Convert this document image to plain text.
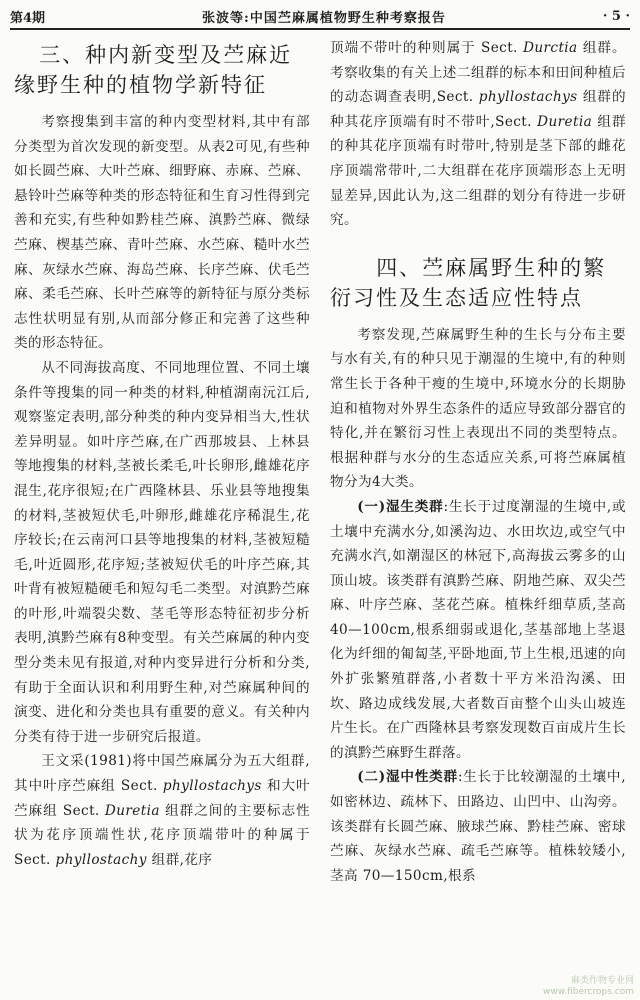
第4期	张波等:中国苎麻属植物野生种考察报告	· 5 ·
三、种内新变型及苎麻近缘野生种的植物学新特征

考察搜集到丰富的种内变型材料,其中有部分类型为首次发现的新变型。从表2可见,有些种如长圆苎麻、大叶苎麻、细野麻、赤麻、苎麻、悬铃叶苎麻等种类的形态特征和生育习性得到完善和充实,有些种如黔桂苎麻、滇黔苎麻、微绿苎麻、楔基苎麻、青叶苎麻、水苎麻、糙叶水苎麻、灰绿水苎麻、海岛苎麻、长序苎麻、伏毛苎麻、柔毛苎麻、长叶苎麻等的新特征与原分类标志性状明显有别,从而部分修正和完善了这些种类的形态特征。

从不同海拔高度、不同地理位置、不同土壤条件等搜集的同一种类的材料,种植湖南沅江后,观察鉴定表明,部分种类的种内变异相当大,性状差异明显。如叶序苎麻,在广西那坡县、上林县等地搜集的材料,茎被长柔毛,叶长卵形,雌雄花序混生,花序很短;在广西隆林县、乐业县等地搜集的材料,茎被短伏毛,叶卵形,雌雄花序稀混生,花序较长;在云南河口县等地搜集的材料,茎被短糙毛,叶近圆形,花序短;茎被短伏毛的叶序苎麻,其叶背有被短糙硬毛和短勾毛二类型。对滇黔苎麻的叶形,叶端裂尖数、茎毛等形态特征初步分析表明,滇黔苎麻有8种变型。有关苎麻属的种内变型分类未见有报道,对种内变异进行分析和分类,有助于全面认识和利用野生种,对苎麻属种间的演变、进化和分类也具有重要的意义。有关种内分类有待于进一步研究后报道。

王文采(1981)将中国苎麻属分为五大组群,其中叶序苎麻组 Sect. phyllostachys 和大叶苎麻组 Sect. Duretia 组群之间的主要标志性状为花序顶端性状,花序顶端带叶的种属于 Sect. phyllostachy 组群,花序

顶端不带叶的种则属于 Sect. Durctia 组群。考察收集的有关上述二组群的标本和田间种植后的动态调查表明,Sect. phyllostachys 组群的种其花序顶端有时不带叶,Sect. Duretia 组群的种其花序顶端有时带叶,特别是茎下部的雌花序顶端常带叶,二大组群在花序顶端形态上无明显差异,因此认为,这二组群的划分有待进一步研究。

四、苎麻属野生种的繁衍习性及生态适应性特点

考察发现,苎麻属野生种的生长与分布主要与水有关,有的种只见于潮湿的生境中,有的种则常生长于各种干瘦的生境中,环境水分的长期胁迫和植物对外界生态条件的适应导致部分器官的特化,并在繁衍习性上表现出不同的类型特点。根据种群与水分的生态适应关系,可将苎麻属植物分为4大类。

(一)湿生类群:生长于过度潮湿的生境中,或土壤中充满水分,如溪沟边、水田坎边,或空气中充满水汽,如潮湿区的林冠下,高海拔云雾多的山顶山坡。该类群有滇黔苎麻、阴地苎麻、双尖苎麻、叶序苎麻、茎花苎麻。植株纤细草质,茎高 40—100cm,根系细弱或退化,茎基部地上茎退化为纤细的匍匐茎,平卧地面,节上生根,迅速的向外扩张繁殖群落,小者数十平方米沿沟溪、田坎、路边成线发展,大者数百亩整个山头山坡连片生长。在广西隆林县考察发现数百亩成片生长的滇黔苎麻野生群落。

(二)湿中性类群:生长于比较潮湿的土壤中,如密林边、疏林下、田路边、山凹中、山沟旁。该类群有长圆苎麻、腋球苎麻、黔桂苎麻、密球苎麻、灰绿水苎麻、疏毛苎麻等。植株较矮小,茎高 70—150cm,根系

麻类作物专业网
www.fibercrops.com
